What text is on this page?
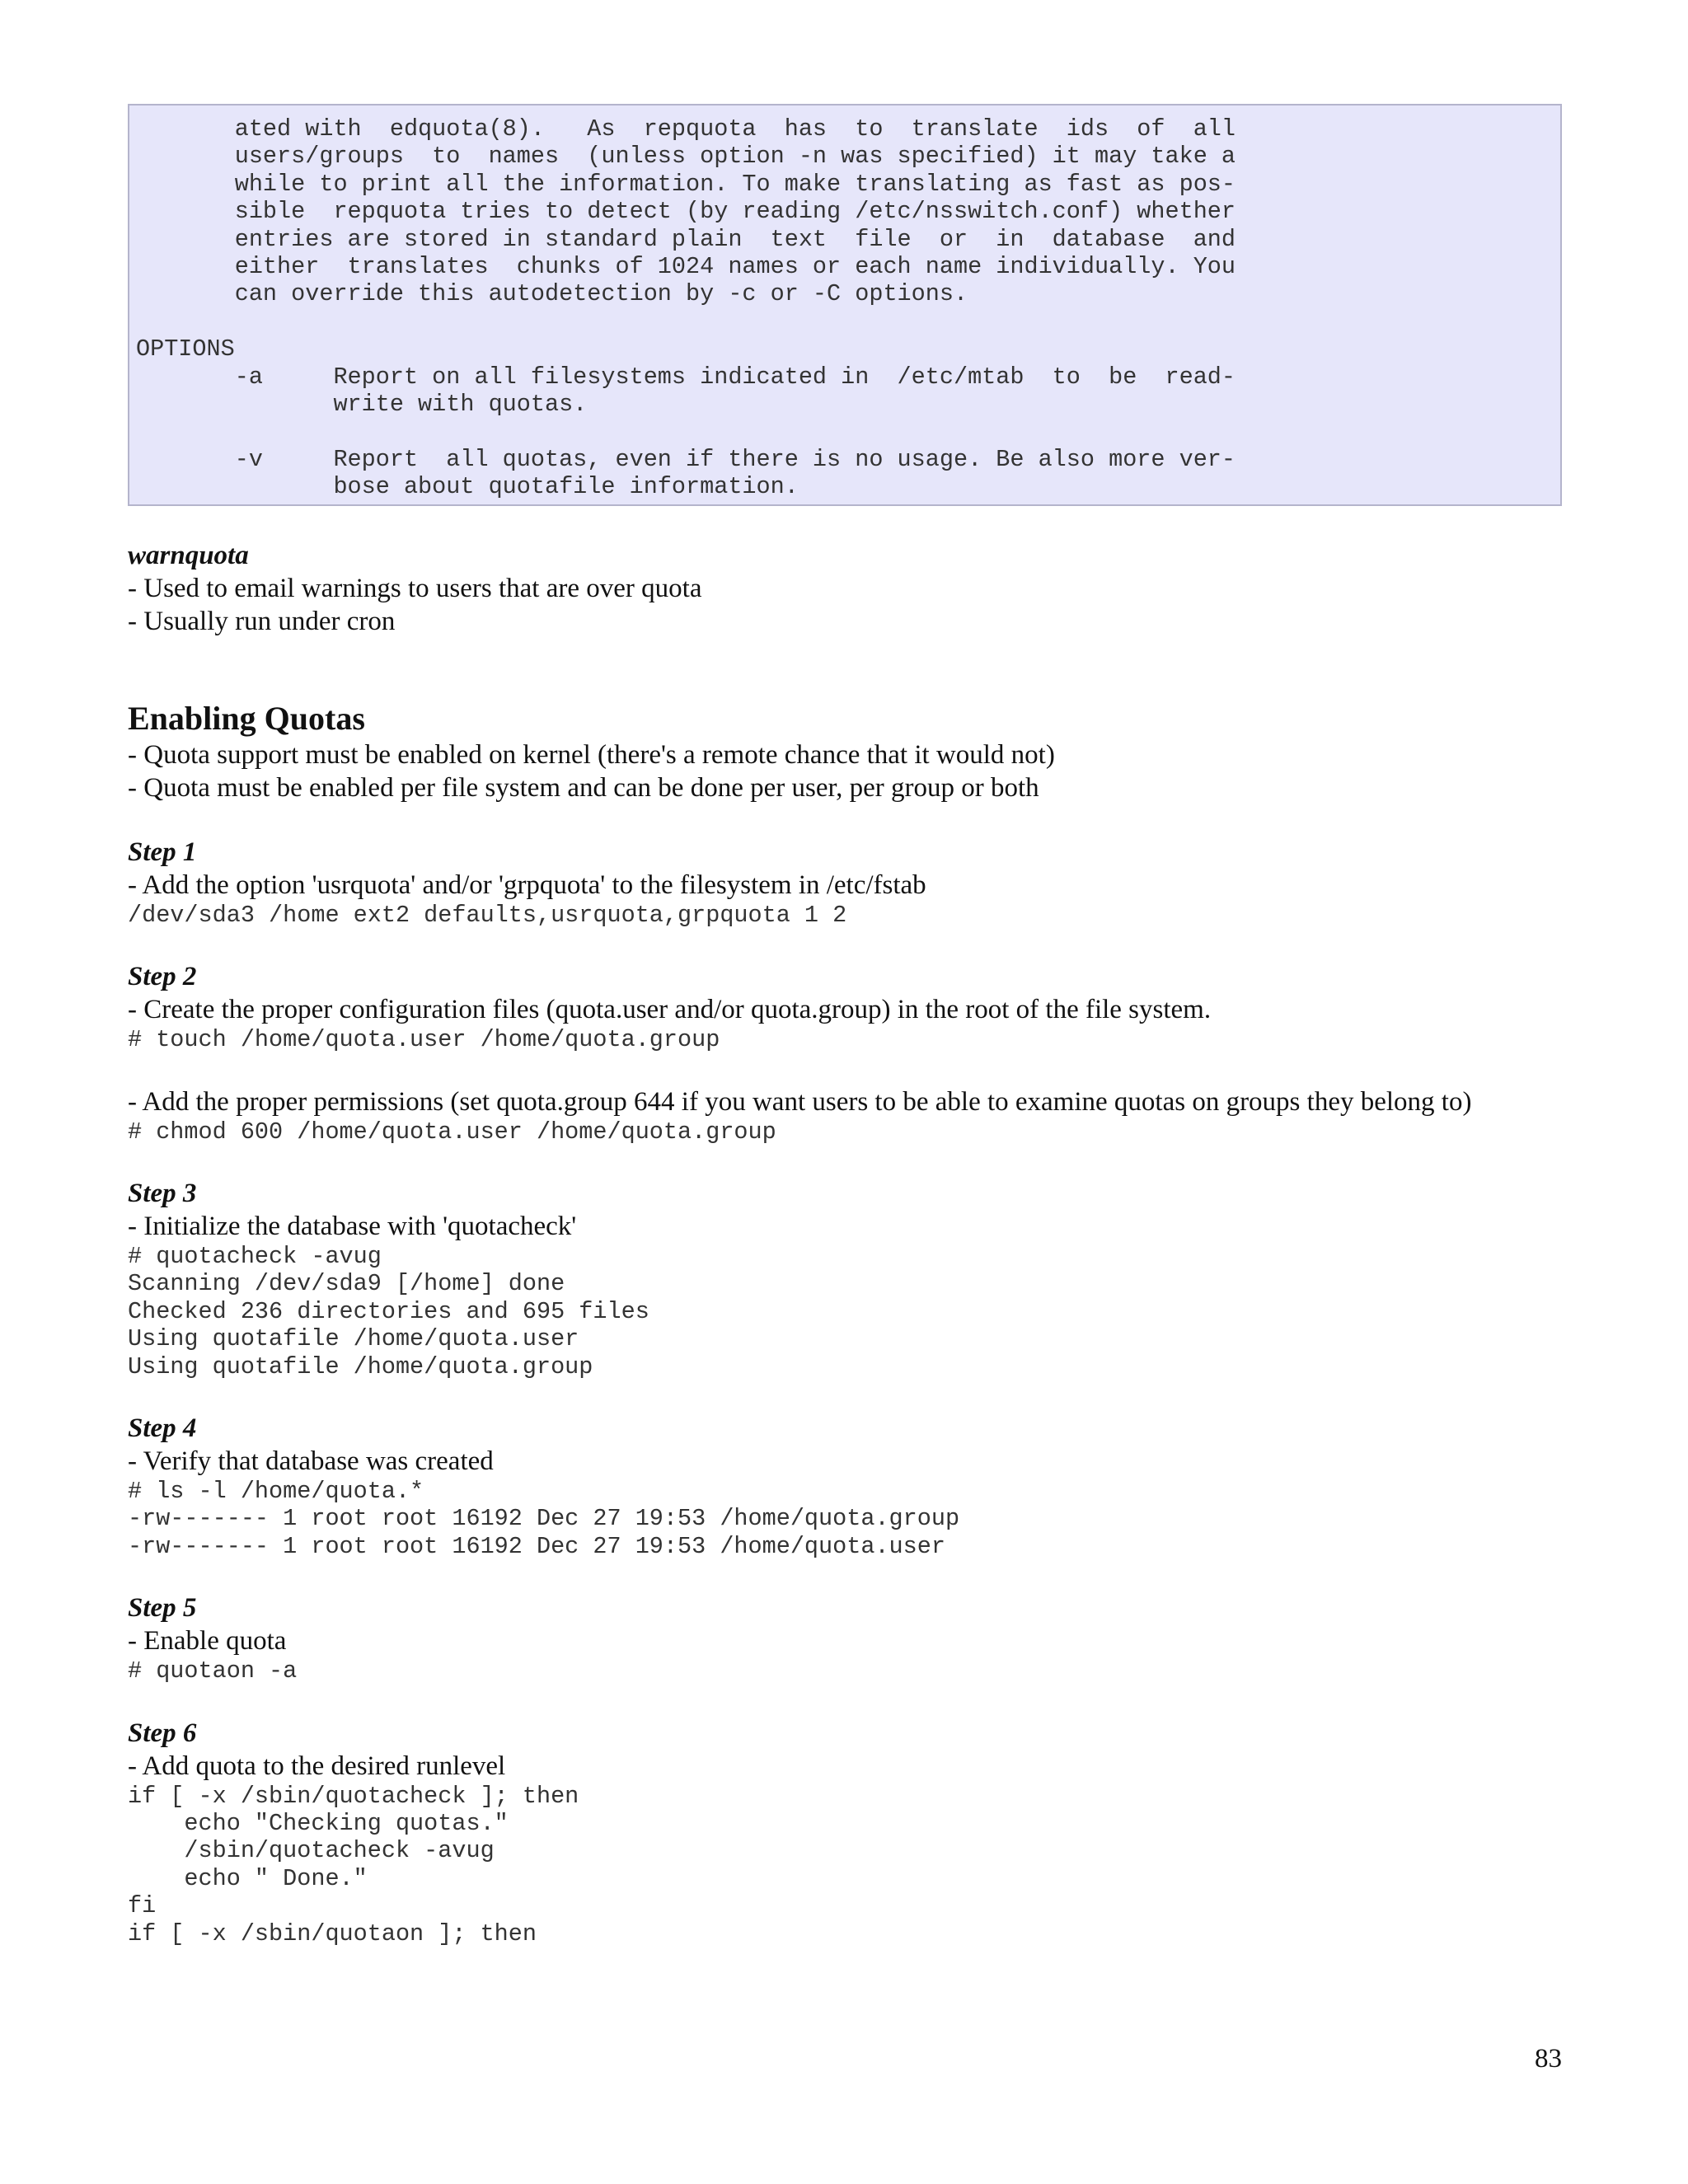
ated with  edquota(8).   As  repquota  has  to  translate  ids  of  all
users/groups  to  names  (unless option -n was specified) it may take a
while to print all the information. To make translating as fast as pos-
sible  repquota tries to detect (by reading /etc/nsswitch.conf) whether
entries are stored in standard plain  text  file  or  in  database  and
either  translates  chunks of 1024 names or each name individually. You
can override this autodetection by -c or -C options.

OPTIONS
-a     Report on all filesystems indicated in  /etc/mtab  to  be  read-
write with quotas.

-v     Report  all quotas, even if there is no usage. Be also more ver-
bose about quotafile information.

warnquota

- Used to email warnings to users that are over quota

- Usually run under cron

Enabling Quotas

- Quota support must be enabled on kernel (there's a remote chance that it would not)

- Quota must be enabled per file system and can be done per user, per group or both

Step 1

- Add the option 'usrquota' and/or 'grpquota' to the filesystem in /etc/fstab

/dev/sda3 /home ext2 defaults,usrquota,grpquota 1 2

Step 2

- Create the proper configuration files (quota.user and/or quota.group) in the root of the file system.

# touch /home/quota.user /home/quota.group

- Add the proper permissions (set quota.group 644 if you want users to be able to examine quotas on groups they belong to)

# chmod 600 /home/quota.user /home/quota.group

Step 3

- Initialize the database with 'quotacheck'

# quotacheck -avug
Scanning /dev/sda9 [/home] done
Checked 236 directories and 695 files
Using quotafile /home/quota.user
Using quotafile /home/quota.group

Step 4

- Verify that database was created

# ls -l /home/quota.*
-rw------- 1 root root 16192 Dec 27 19:53 /home/quota.group
-rw------- 1 root root 16192 Dec 27 19:53 /home/quota.user

Step 5

- Enable quota

# quotaon -a

Step 6

- Add quota to the desired runlevel

if [ -x /sbin/quotacheck ]; then
echo "Checking quotas."
/sbin/quotacheck -avug
echo " Done."
fi
if [ -x /sbin/quotaon ]; then
83
